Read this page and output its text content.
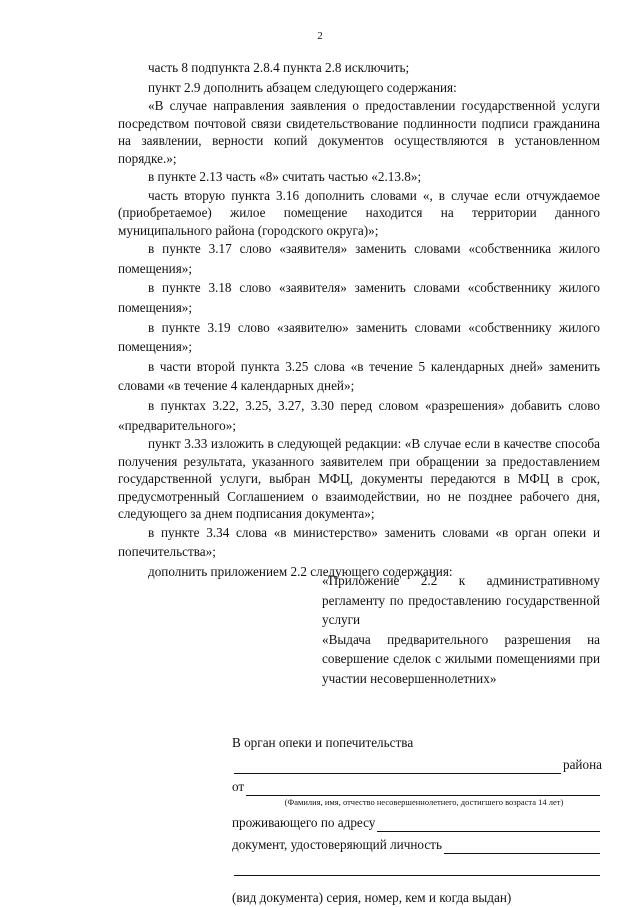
2

часть 8 подпункта 2.8.4 пункта 2.8 исключить;

пункт 2.9 дополнить абзацем следующего содержания:

«В случае направления заявления о предоставлении государственной услуги посредством почтовой связи свидетельствование подлинности подписи гражданина на заявлении, верности копий документов осуществляются в установленном порядке.»;

в пункте 2.13 часть «8» считать частью «2.13.8»;

часть вторую пункта 3.16 дополнить словами «, в случае если отчуждаемое (приобретаемое) жилое помещение находится на территории данного муниципального района (городского округа)»;

в пункте 3.17 слово «заявителя» заменить словами «собственника жилого помещения»;

в пункте 3.18 слово «заявителя» заменить словами «собственнику жилого помещения»;

в пункте 3.19 слово «заявителю» заменить словами «собственнику жилого помещения»;

в части второй пункта 3.25 слова «в течение 5 календарных дней» заменить словами «в течение 4 календарных дней»;

в пунктах 3.22, 3.25, 3.27, 3.30 перед словом «разрешения» добавить слово «предварительного»;

пункт 3.33 изложить в следующей редакции: «В случае если в качестве способа получения результата, указанного заявителем при обращении за предоставлением государственной услуги, выбран МФЦ, документы передаются в МФЦ в срок, предусмотренный Соглашением о взаимодействии, но не позднее рабочего дня, следующего за днем подписания документа»;

в пункте 3.34 слова «в министерство» заменить словами «в орган опеки и попечительства»;

дополнить приложением 2.2 следующего содержания:

«Приложение 2.2 к административному регламенту по предоставлению государственной услуги

«Выдача предварительного разрешения на совершение сделок с жилыми помещениями при участии несовершеннолетних»

В орган опеки и попечительства
района
от
(Фамилия, имя, отчество несовершеннолетнего, достигшего возраста 14 лет)
проживающего по адресу
документ, удостоверяющий личность
(вид документа) серия, номер, кем и когда выдан)
